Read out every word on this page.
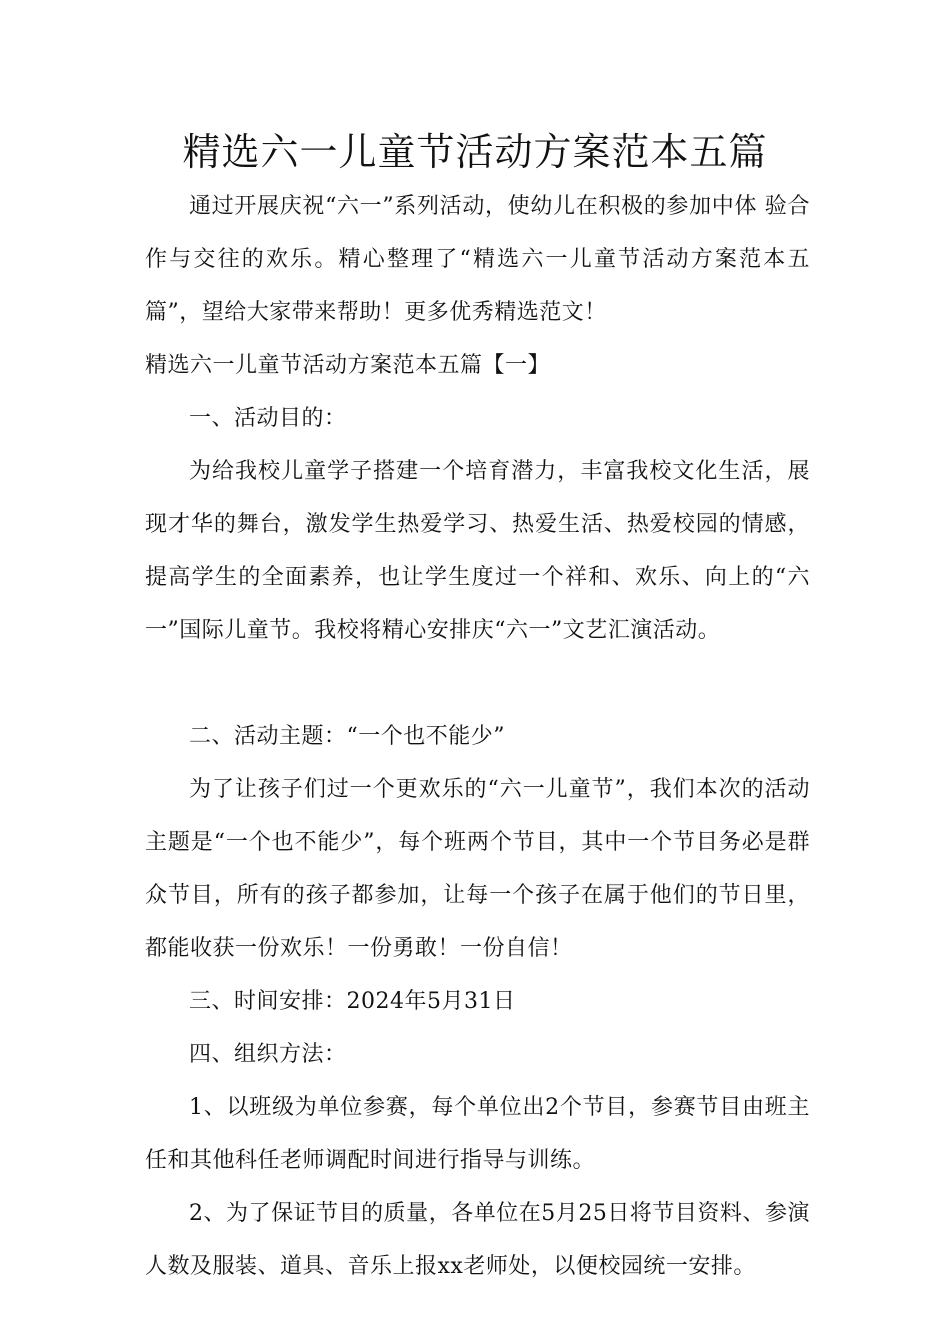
精选六一儿童节活动方案范本五篇

通过开展庆祝“六一”系列活动，使幼儿在积极的参加中体 验合作与交往的欢乐。精心整理了“精选六一儿童节活动方案范本五篇”，望给大家带来帮助！更多优秀精选范文！

精选六一儿童节活动方案范本五篇【一】

一、活动目的：

为给我校儿童学子搭建一个培育潜力，丰富我校文化生活，展现才华的舞台，激发学生热爱学习、热爱生活、热爱校园的情感，提高学生的全面素养，也让学生度过一个祥和、欢乐、向上的“六一”国际儿童节。我校将精心安排庆“六一”文艺汇演活动。

二、活动主题：“一个也不能少”

为了让孩子们过一个更欢乐的“六一儿童节”，我们本次的活动主题是“一个也不能少”，每个班两个节目，其中一个节目务必是群众节目，所有的孩子都参加，让每一个孩子在属于他们的节日里，都能收获一份欢乐！一份勇敢！一份自信！

三、时间安排：2024年5月31日

四、组织方法：

1、以班级为单位参赛，每个单位出2个节目，参赛节目由班主任和其他科任老师调配时间进行指导与训练。

2、为了保证节目的质量，各单位在5月25日将节目资料、参演人数及服装、道具、音乐上报xx老师处，以便校园统一安排。
